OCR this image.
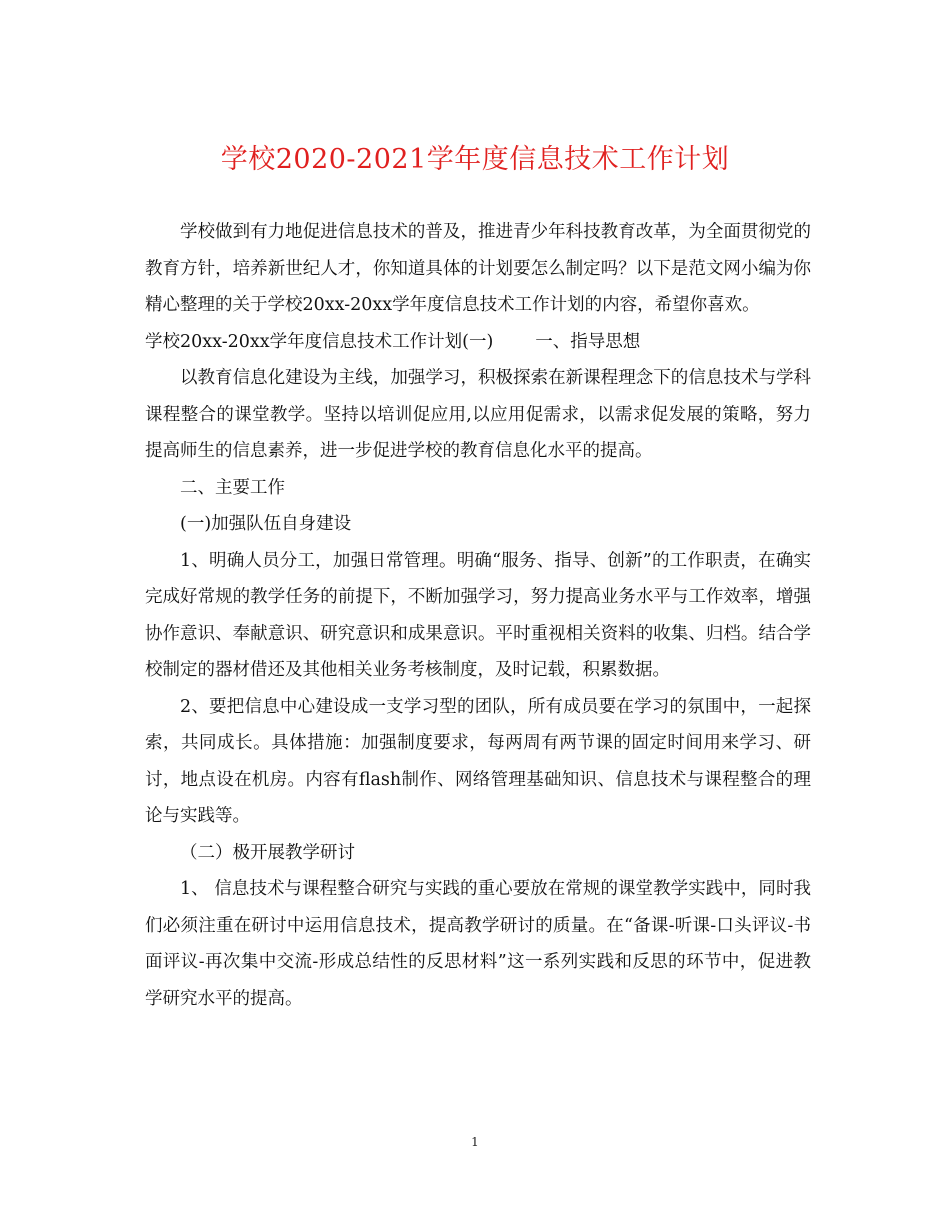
学校2020-2021学年度信息技术工作计划

学校做到有力地促进信息技术的普及，推进青少年科技教育改革，为全面贯彻党的教育方针，培养新世纪人才，你知道具体的计划要怎么制定吗？以下是范文网小编为你精心整理的关于学校20xx-20xx学年度信息技术工作计划的内容，希望你喜欢。

学校20xx-20xx学年度信息技术工作计划(一) 一、指导思想

以教育信息化建设为主线，加强学习，积极探索在新课程理念下的信息技术与学科课程整合的课堂教学。坚持以培训促应用,以应用促需求，以需求促发展的策略，努力提高师生的信息素养，进一步促进学校的教育信息化水平的提高。

二、主要工作

(一)加强队伍自身建设

1、明确人员分工，加强日常管理。明确“服务、指导、创新”的工作职责，在确实完成好常规的教学任务的前提下，不断加强学习，努力提高业务水平与工作效率，增强协作意识、奉献意识、研究意识和成果意识。平时重视相关资料的收集、归档。结合学校制定的器材借还及其他相关业务考核制度，及时记载，积累数据。

2、要把信息中心建设成一支学习型的团队，所有成员要在学习的氛围中，一起探索，共同成长。具体措施：加强制度要求，每两周有两节课的固定时间用来学习、研讨，地点设在机房。内容有flash制作、网络管理基础知识、信息技术与课程整合的理论与实践等。

（二）极开展教学研讨

1、 信息技术与课程整合研究与实践的重心要放在常规的课堂教学实践中，同时我们必须注重在研讨中运用信息技术，提高教学研讨的质量。在“备课-听课-口头评议-书面评议-再次集中交流-形成总结性的反思材料”这一系列实践和反思的环节中，促进教学研究水平的提高。

1
